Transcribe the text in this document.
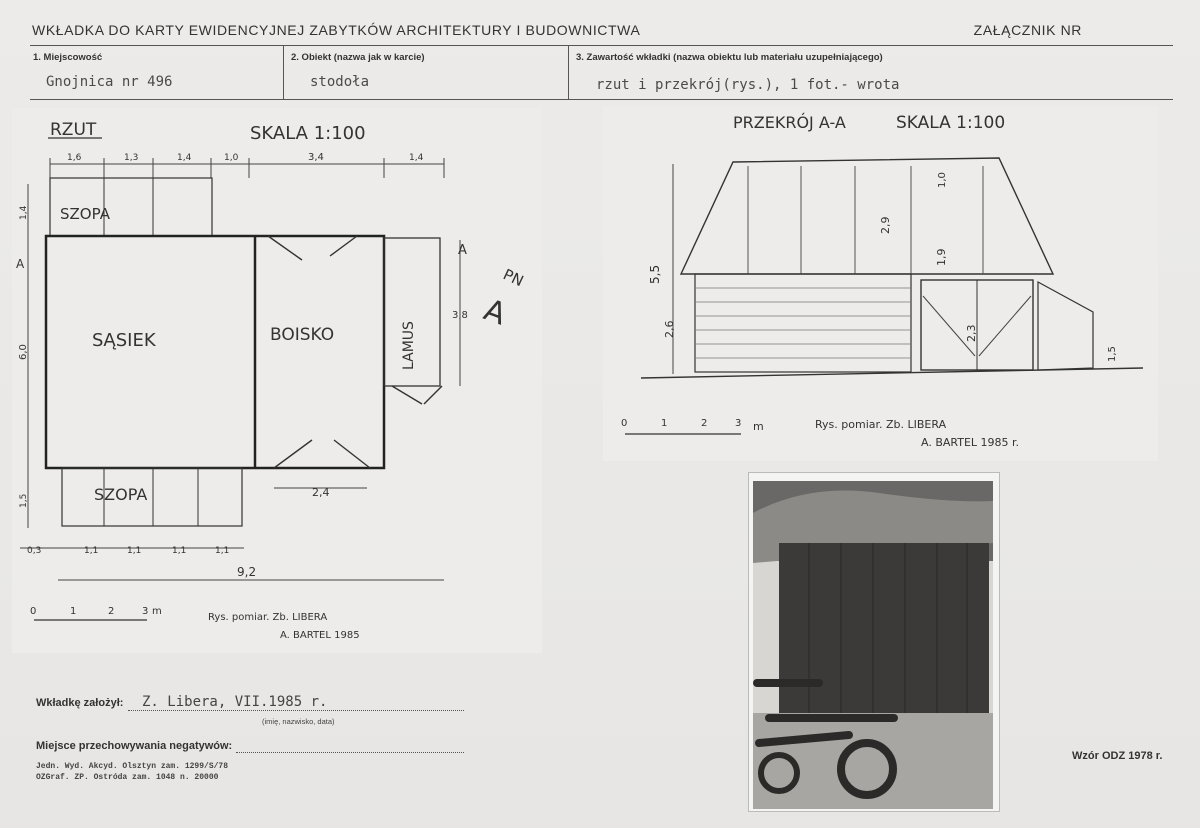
WKŁADKA DO KARTY EWIDENCYJNEJ ZABYTKÓW ARCHITEKTURY I BUDOWNICTWA	ZAŁĄCZNIK NR
1. Miejscowość
Gnojnica nr 496
2. Obiekt (nazwa jak w karcie)
stodoła
3. Zawartość wkładki (nazwa obiektu lub materiału uzupełniającego)
rzut i przekrój(rys.), 1 fot.- wrota
RZUT	SKALA 1:100
1,6	1,3	1,4	1,0	3,4	1,4
SZOPA
SĄSIEK	BOISKO	LAMUS
3,8
A
SZOPA	2,4
1,4
6,0
1,5
A
0,3	1,1	1,1	1,1	1,1
9,2
PN
A
0	1	2	3 m
Rys. pomiar. Zb. LIBERA
A. BARTEL 1985
PRZEKRÓJ A-A	SKALA 1:100
5,5
2,6
2,9
1,9
1,0
2,3
1,5
0	1	2	3 m	Rys. pomiar. Zb. LIBERA
A. BARTEL 1985 r.
Wkładkę założył: Z. Libera, VII.1985 r.
(imię, nazwisko, data)
Miejsce przechowywania negatywów:
Jedn. Wyd. Akcyd. Olsztyn zam. 1299/S/78
OZGraf. ZP. Ostróda zam. 1048 n. 20000
Wzór ODZ 1978 r.
